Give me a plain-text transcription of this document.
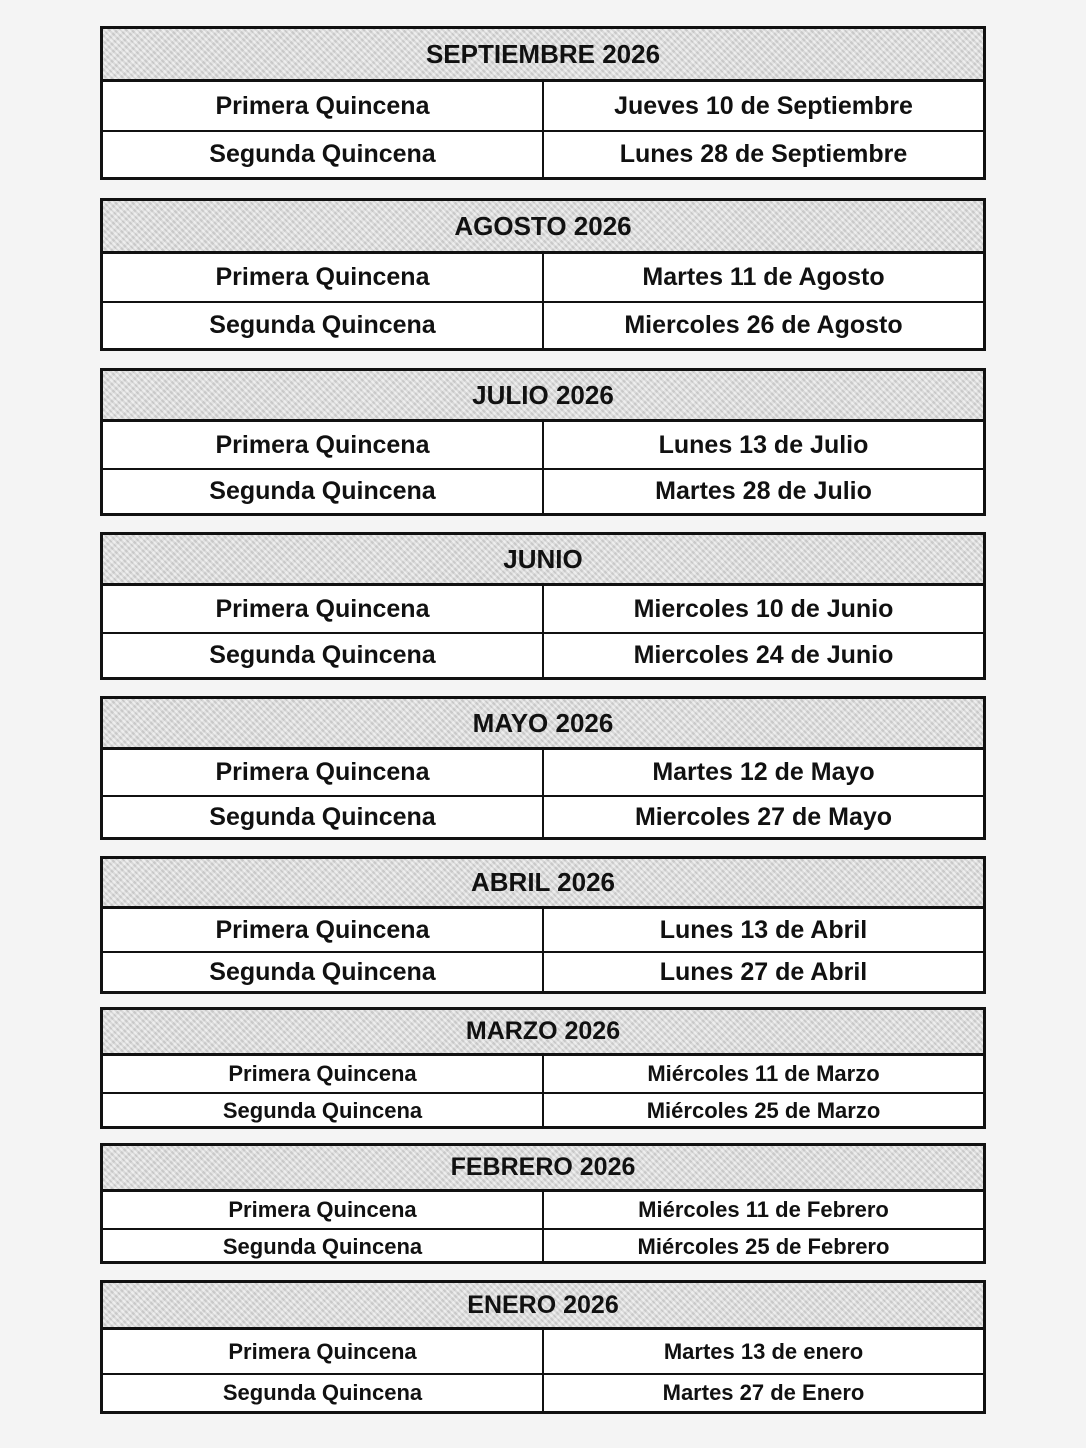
SEPTIEMBRE 2026
Primera Quincena	Jueves 10 de Septiembre
Segunda Quincena	Lunes 28 de Septiembre
AGOSTO 2026
Primera Quincena	Martes 11 de Agosto
Segunda Quincena	Miercoles 26 de Agosto
JULIO 2026
Primera Quincena	Lunes 13 de Julio
Segunda Quincena	Martes 28 de Julio
JUNIO
Primera Quincena	Miercoles 10 de Junio
Segunda Quincena	Miercoles 24 de Junio
MAYO 2026
Primera Quincena	Martes 12 de Mayo
Segunda Quincena	Miercoles 27 de Mayo
ABRIL 2026
Primera Quincena	Lunes 13 de Abril
Segunda Quincena	Lunes 27 de Abril
MARZO 2026
Primera Quincena	Miércoles 11 de Marzo
Segunda Quincena	Miércoles 25 de Marzo
FEBRERO 2026
Primera Quincena	Miércoles 11 de Febrero
Segunda Quincena	Miércoles 25 de Febrero
ENERO 2026
Primera Quincena	Martes 13 de enero
Segunda Quincena	Martes 27 de Enero
